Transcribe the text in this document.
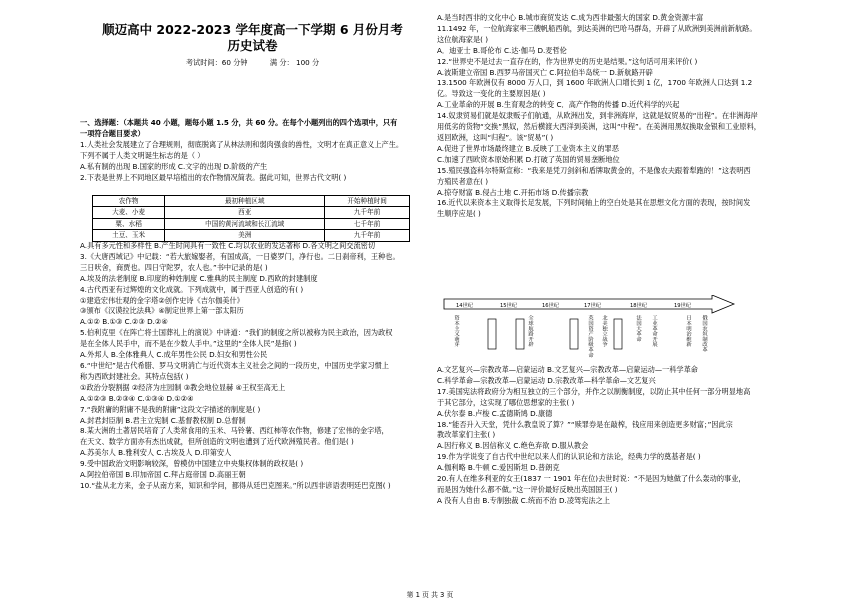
顺迈高中 2022-2023 学年度高一下学期 6 月份月考
历史试卷
考试时间：60 分钟	满 分： 100 分
一、选择题：（本题共 40 小题，题每小题 1.5 分，共 60 分。在每个小题列出的四个选项中，只有
一项符合题目要求）
1.人类社会发展建立了合理规则，彻底脱离了从林法则和弱肉强食的兽性，文明才在真正意义上产生。
下列不属于人类文明诞生标志的是（ ）
A.私有制的出现 B.国家的形成 C.文字的出现 D.阶级的产生
2.下表是世界上不同地区最早培植出的农作物情况简表。据此可知，世界古代文明( )
农作物	最初种植区域	开始种植时间
大麦、小麦	西亚	九千年前
粟、水稻	中国的黄河流域和长江流域	七千年前
土豆、玉米	美洲	九千年前
A.具有多元性和多样性 B.产生时间具有一致性 C.均以农业的发达著称 D.各文明之间交流密切
3.《大唐西域记》中记载：“若大旅嫁娶者，有国成高，一日婆罗门，净行也。二日刹帝利，王种也。
三日吠舍，商贾也。四日守陀罗，农人也。”书中记录的是( )
A.埃及的法老制度 B.印度的种姓制度 C.雅典的民主制度 D.西欧的封建制度
4.古代西亚有过辉煌的文化成就。下列成就中，属于西亚人创造的有( )
①建造宏伟壮观的金字塔②创作史诗《吉尔伽美什》
③颁布《汉谟拉比法典》④制定世界上第一部太阳历
A.①② B.①③ C.②③ D.②④
5.伯利克里《在阵亡将士国葬礼上的演说》中讲道：“我们的制度之所以被称为民主政治，因为政权
是在全体人民手中，而不是在少数人手中。”这里的“全体人民”是指( )
A.外邦人 B.全体雅典人 C.成年男性公民 D.妇女和男性公民
6.“中世纪”是古代希腊、罗马文明消亡与近代资本主义社会之间的一段历史，中国历史学家习惯上
称为西欧封建社会。其特点包括( )
①政治分裂割据 ②经济为庄园制 ③教会地位显赫 ④王权至高无上
A.①②③ B.②③④ C.①③④ D.①②④
7.“我附庸的附庸不是我的附庸”这段文字描述的制度是( )
A.封君封臣制 B.君主立宪制 C.基督教权制 D.总督制
8.某大洲的土著居民培育了人类常食用的玉米、马铃薯、西红柿等农作物，修建了宏伟的金字塔，
在天文、数学方面亦有杰出成就，但所创造的文明也遭到了近代欧洲殖民者。他们是( )
A.苏美尔人 B.雅利安人 C.古埃及人 D.印第安人
9.受中国政治文明影响较深，曾模仿中国建立中央集权体制的政权是( )
A.阿拉伯帝国 B.印加帝国 C.拜占庭帝国 D.高丽王朝
10.“盐从北方来，金子从南方来，知识和学问，都得从廷巴克图来。”所以西非谚语表明廷巴克图( )
A.是当时西非的文化中心 B.城市商贸发达 C.成为西非最强大的国家 D.黄金资源丰富
11.1492 年，一位航海家率三艘帆船西航，到达美洲的巴哈马群岛，开辟了从欧洲到美洲前新航路。
这位航海家是( )
A．迪亚士 B.哥伦布 C.达·伽马 D.麦哲伦
12.“世界史不是过去一直存在的，作为世界史的历史是结果。”这句话可用来评价( )
A.波斯建立帝国 B.西罗马帝国灭亡 C.阿拉伯半岛统一 D.新航路开辟
13.1500 年欧洲仅有 8000 万人口，到 1600 年欧洲人口增长到 1 亿，1700 年欧洲人口达到 1.2
亿。导致这一变化的主要原因是( )
A.工业革命的开展 B.生育观念的转变 C．高产作物的传播 D.近代科学的兴起
14.奴隶贸易们就是奴隶贩子们航通，从欧洲出发，到非洲海岸，这就是奴贸易的“出程”。在非洲海岸
用低劣的货物“交换”黑奴，然后横渡大西洋到美洲，这叫“中程”。在美洲用黑奴换取金银和工业原料，
返回欧洲，这叫“归程”。该“贸易”( )
A.促进了世界市场最终建立 B.反映了工业资本主义的罪恶
C.加速了西欧资本原始积累 D.打破了英国的贸易垄断地位
15.殖民强盗科尔特斯宣称：“我来是凭刀剑斜和盾牌取黄金的，不是像农夫跟着犁跑的！”这表明西
方殖民者意在( )
A.掠夺财富 B.侵占土地 C.开拓市场 D.传播宗教
16.近代以来资本主义取得长足发展，下列时间轴上的空白处是其在思想文化方面的表现，按时间发
生顺序应是( )
14世纪	15世纪	16世纪	17世纪	18世纪	19世纪
资本主义萌芽	全球航路开辟	英国资产阶级革命 北美独立战争	法国大革命 工业革命开展	日本明治维新 俄国农奴制改革
A.文艺复兴—宗教改革—启蒙运动 B.文艺复兴—宗教改革—启蒙运动—一科学革命
C.科学革命—宗教改革—启蒙运动 D.宗教改革—科学革命—文艺复兴
17.美国宪法将政府分为相互独立的三个部分，并作之以制衡制度，以防止其中任何一部分明显地高
于其它部分，这实现了哪位思想家的主张( )
A.伏尔泰 B.卢梭 C.孟德斯鸠 D.康德
18.“能否升入天堂，凭什么教皇说了算？”“赎罪券是在敲榨，钱应用来创造更多财富；”因此宗
教改革家们主张( )
A.因行称义 B.因信称义 C.绝色弃欲 D.服从教会
19.作为学说变了自古代中世纪以来人们的认识论和方法论，经典力学的奠基者是( )
A.伽利略 B.牛顿 C.爱因斯坦 D.普朗克
20.有人在维多利亚的女王(1837 一 1901 年在位)去世时说：“不是因为她做了什么轰动的事业，
而是因为她什么都不做。”这一评价最好反映出英国国王( )
A 没有人自由 B.专制独裁 C.统而不治 D.凌驾宪法之上
第 1 页 共 3 页
